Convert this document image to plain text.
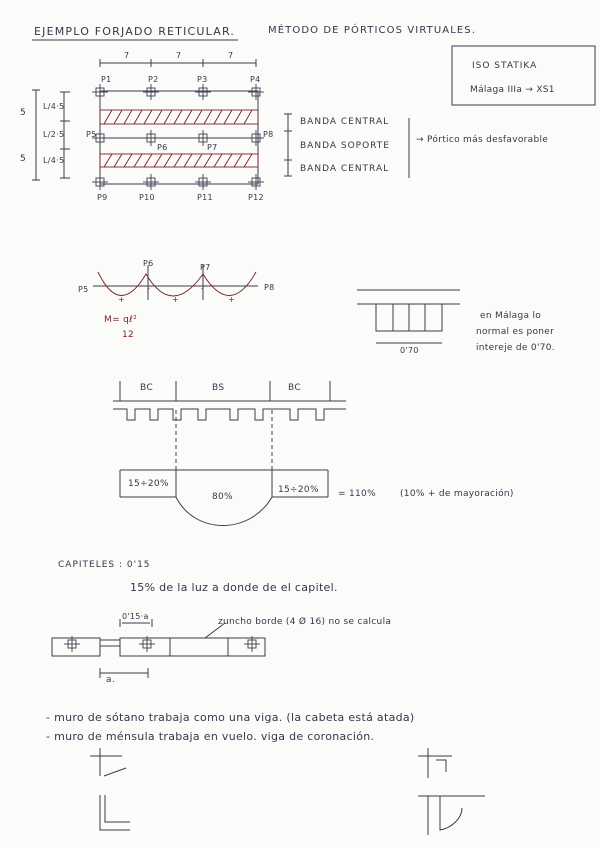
EJEMPLO FORJADO RETICULAR.	MÉTODO DE PÓRTICOS VIRTUALES.
ISO STATIKA
Málaga IIIa → XS1
7	7	7
P1	P2	P3	P4
P5
P6	P7
P8
P9	P10	P11	P12
5
5
L/4·5
L/2·5
L/4·5
BANDA CENTRAL
BANDA SOPORTE
BANDA CENTRAL
→ Pórtico más desfavorable
P5	P8
P6	P7
+
-
+
-
+
M= qℓ²
12
0'70
en Málaga lo
normal es poner
intereje de 0'70.
BC	BS	BC
15÷20%
80%
15÷20% = 110%	(10% + de mayoración)
CAPITELES : 0'15
15% de la luz a donde de el capitel.
0'15·a
zuncho borde (4 Ø 16) no se calcula
a.
- muro de sótano trabaja como una viga. (la cabeta está atada)
- muro de ménsula trabaja en vuelo. viga de coronación.
